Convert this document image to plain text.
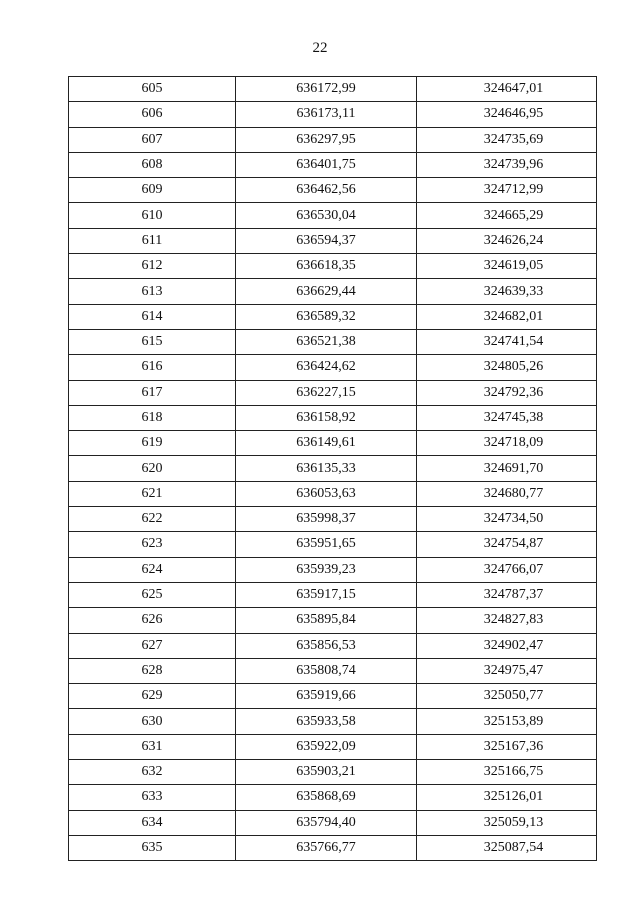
22
605	636172,99	324647,01
606	636173,11	324646,95
607	636297,95	324735,69
608	636401,75	324739,96
609	636462,56	324712,99
610	636530,04	324665,29
611	636594,37	324626,24
612	636618,35	324619,05
613	636629,44	324639,33
614	636589,32	324682,01
615	636521,38	324741,54
616	636424,62	324805,26
617	636227,15	324792,36
618	636158,92	324745,38
619	636149,61	324718,09
620	636135,33	324691,70
621	636053,63	324680,77
622	635998,37	324734,50
623	635951,65	324754,87
624	635939,23	324766,07
625	635917,15	324787,37
626	635895,84	324827,83
627	635856,53	324902,47
628	635808,74	324975,47
629	635919,66	325050,77
630	635933,58	325153,89
631	635922,09	325167,36
632	635903,21	325166,75
633	635868,69	325126,01
634	635794,40	325059,13
635	635766,77	325087,54
